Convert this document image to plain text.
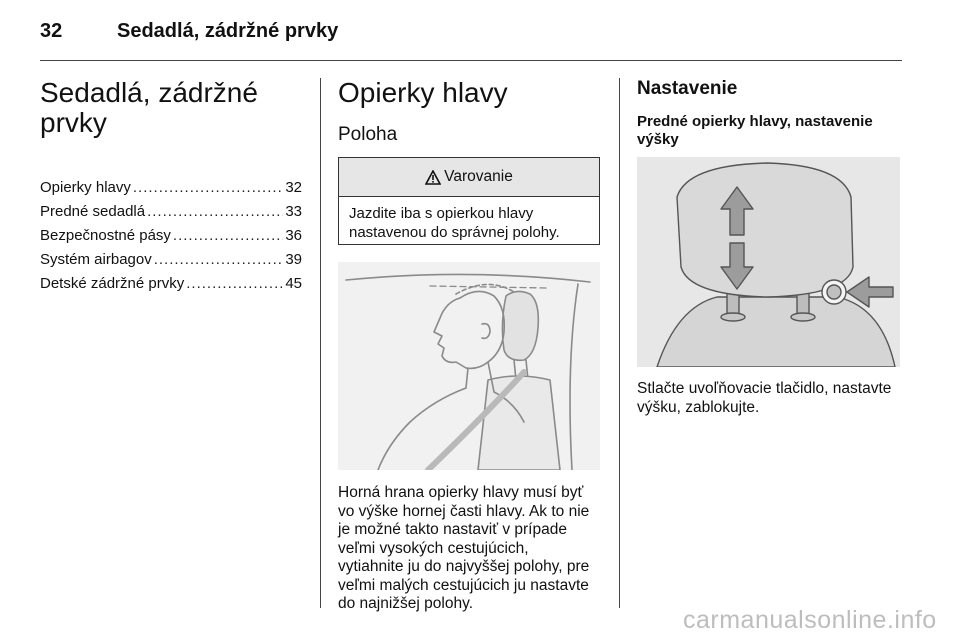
32	Sedadlá, zádržné prvky
Sedadlá, zádržné
prvky
Opierky hlavy .....	32
Predné sedadlá .....	33
Bezpečnostné pásy .....	36
Systém airbagov .....	39
Detské zádržné prvky .....	45
Opierky hlavy
Poloha
Varovanie
Jazdite iba s opierkou hlavy
nastavenou do správnej polohy.
Horná hrana opierky hlavy musí byť
vo výške hornej časti hlavy. Ak to nie
je možné takto nastaviť v prípade
veľmi vysokých cestujúcich,
vytiahnite ju do najvyššej polohy, pre
veľmi malých cestujúcich ju nastavte
do najnižšej polohy.
Nastavenie
Predné opierky hlavy, nastavenie
výšky
Stlačte uvoľňovacie tlačidlo, nastavte
výšku, zablokujte.
carmanualsonline.info
